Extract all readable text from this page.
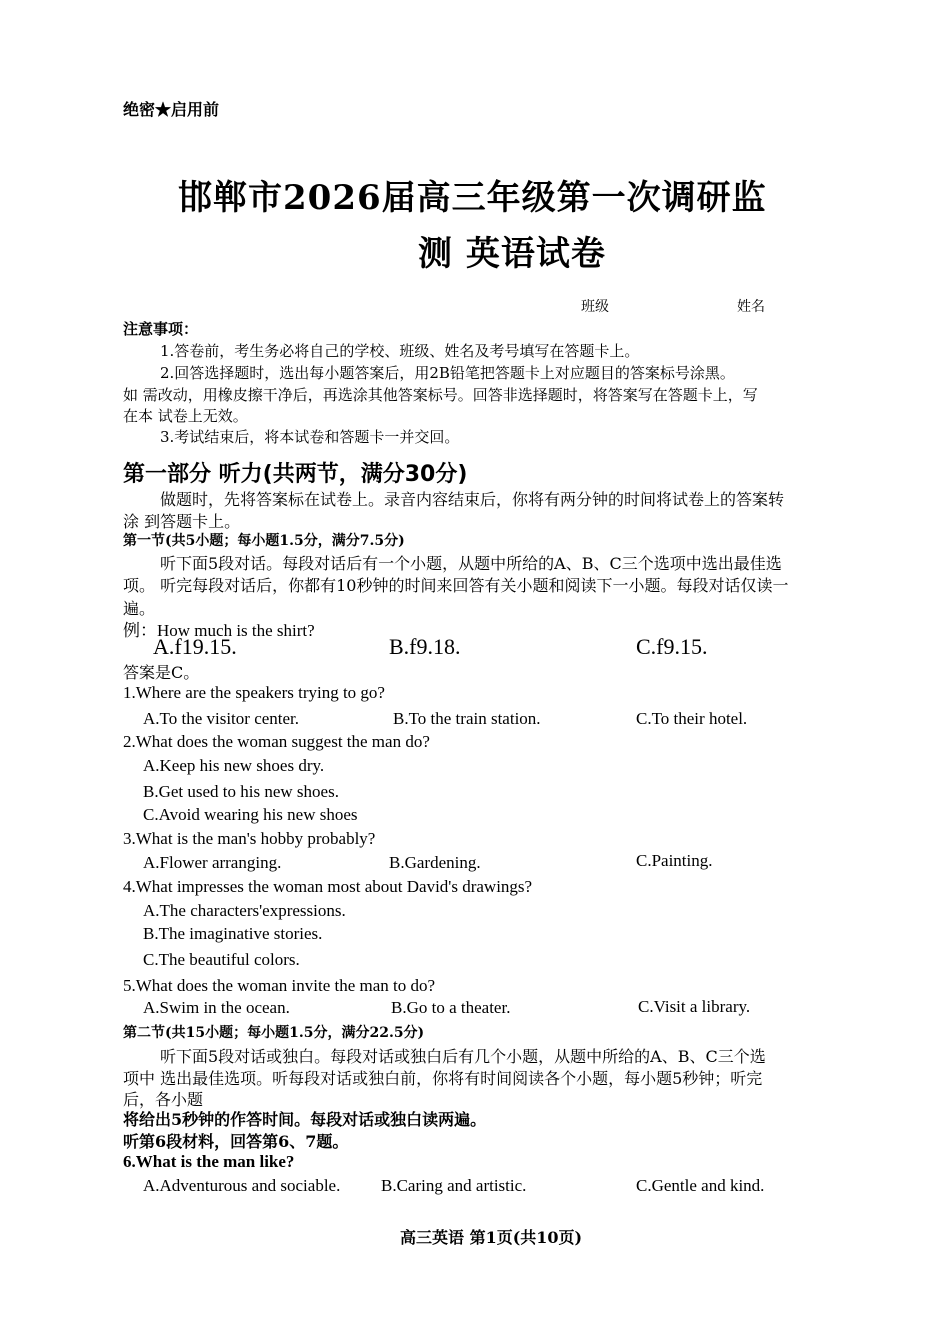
绝密★启用前
邯郸市2026届高三年级第一次调研监
测 英语试卷
班级	姓名
注意事项：
1.答卷前，考生务必将自己的学校、班级、姓名及考号填写在答题卡上。
2.回答选择题时，选出每小题答案后，用2B铅笔把答题卡上对应题目的答案标号涂黑。
如 需改动，用橡皮擦干净后，再选涂其他答案标号。回答非选择题时，将答案写在答题卡上，写
在本 试卷上无效。
3.考试结束后，将本试卷和答题卡一并交回。
第一部分 听力(共两节，满分30分)
做题时，先将答案标在试卷上。录音内容结束后，你将有两分钟的时间将试卷上的答案转
涂 到答题卡上。
第一节(共5小题；每小题1.5分，满分7.5分)
听下面5段对话。每段对话后有一个小题，从题中所给的A、B、C三个选项中选出最佳选
项。 听完每段对话后，你都有10秒钟的时间来回答有关小题和阅读下一小题。每段对话仅读一
遍。
例：How much is the shirt?
A.f19.15.	B.f9.18.	C.f9.15.
答案是C。
1.Where are the speakers trying to go?
A.To the visitor center.	B.To the train station.	C.To their hotel.
2.What does the woman suggest the man do?
A.Keep his new shoes dry.
B.Get used to his new shoes.
C.Avoid wearing his new shoes
3.What is the man's hobby probably?
A.Flower arranging.	B.Gardening.	C.Painting.
4.What impresses the woman most about David's drawings?
A.The characters'expressions.
B.The imaginative stories.
C.The beautiful colors.
5.What does the woman invite the man to do?
A.Swim in the ocean.	B.Go to a theater.	C.Visit a library.
第二节(共15小题；每小题1.5分，满分22.5分)
听下面5段对话或独白。每段对话或独白后有几个小题，从题中所给的A、B、C三个选
项中 选出最佳选项。听每段对话或独白前，你将有时间阅读各个小题，每小题5秒钟；听完
后，各小题
将给出5秒钟的作答时间。每段对话或独白读两遍。
听第6段材料，回答第6、7题。
6.What is the man like?
A.Adventurous and sociable. B.Caring and artistic.	C.Gentle and kind.
高三英语 第1页(共10页)
